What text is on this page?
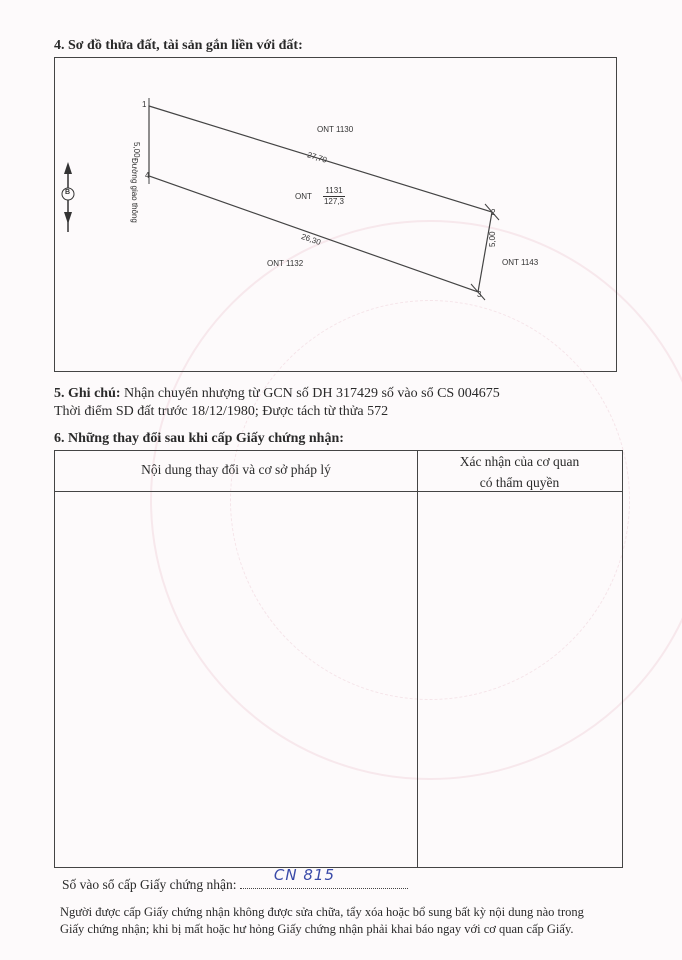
4. Sơ đồ thửa đất, tài sản gắn liền với đất:
1
2
3
4
27,70
26,30
5,00
5,00
ONT 1130
ONT 1132	ONT 1143
ONT
1131
127,3
Đường giao thông
B
5. Ghi chú: Nhận chuyển nhượng từ GCN số DH 317429 số vào sổ CS 004675
Thời điểm SD đất trước 18/12/1980; Được tách từ thửa 572
6. Những thay đổi sau khi cấp Giấy chứng nhận:
Nội dung thay đổi và cơ sở pháp lý
Xác nhận của cơ quan
có thẩm quyền
Số vào sổ cấp Giấy chứng nhận:
CN 815
Người được cấp Giấy chứng nhận không được sửa chữa, tẩy xóa hoặc bổ sung bất kỳ nội dung nào trong
Giấy chứng nhận; khi bị mất hoặc hư hỏng Giấy chứng nhận phải khai báo ngay với cơ quan cấp Giấy.
